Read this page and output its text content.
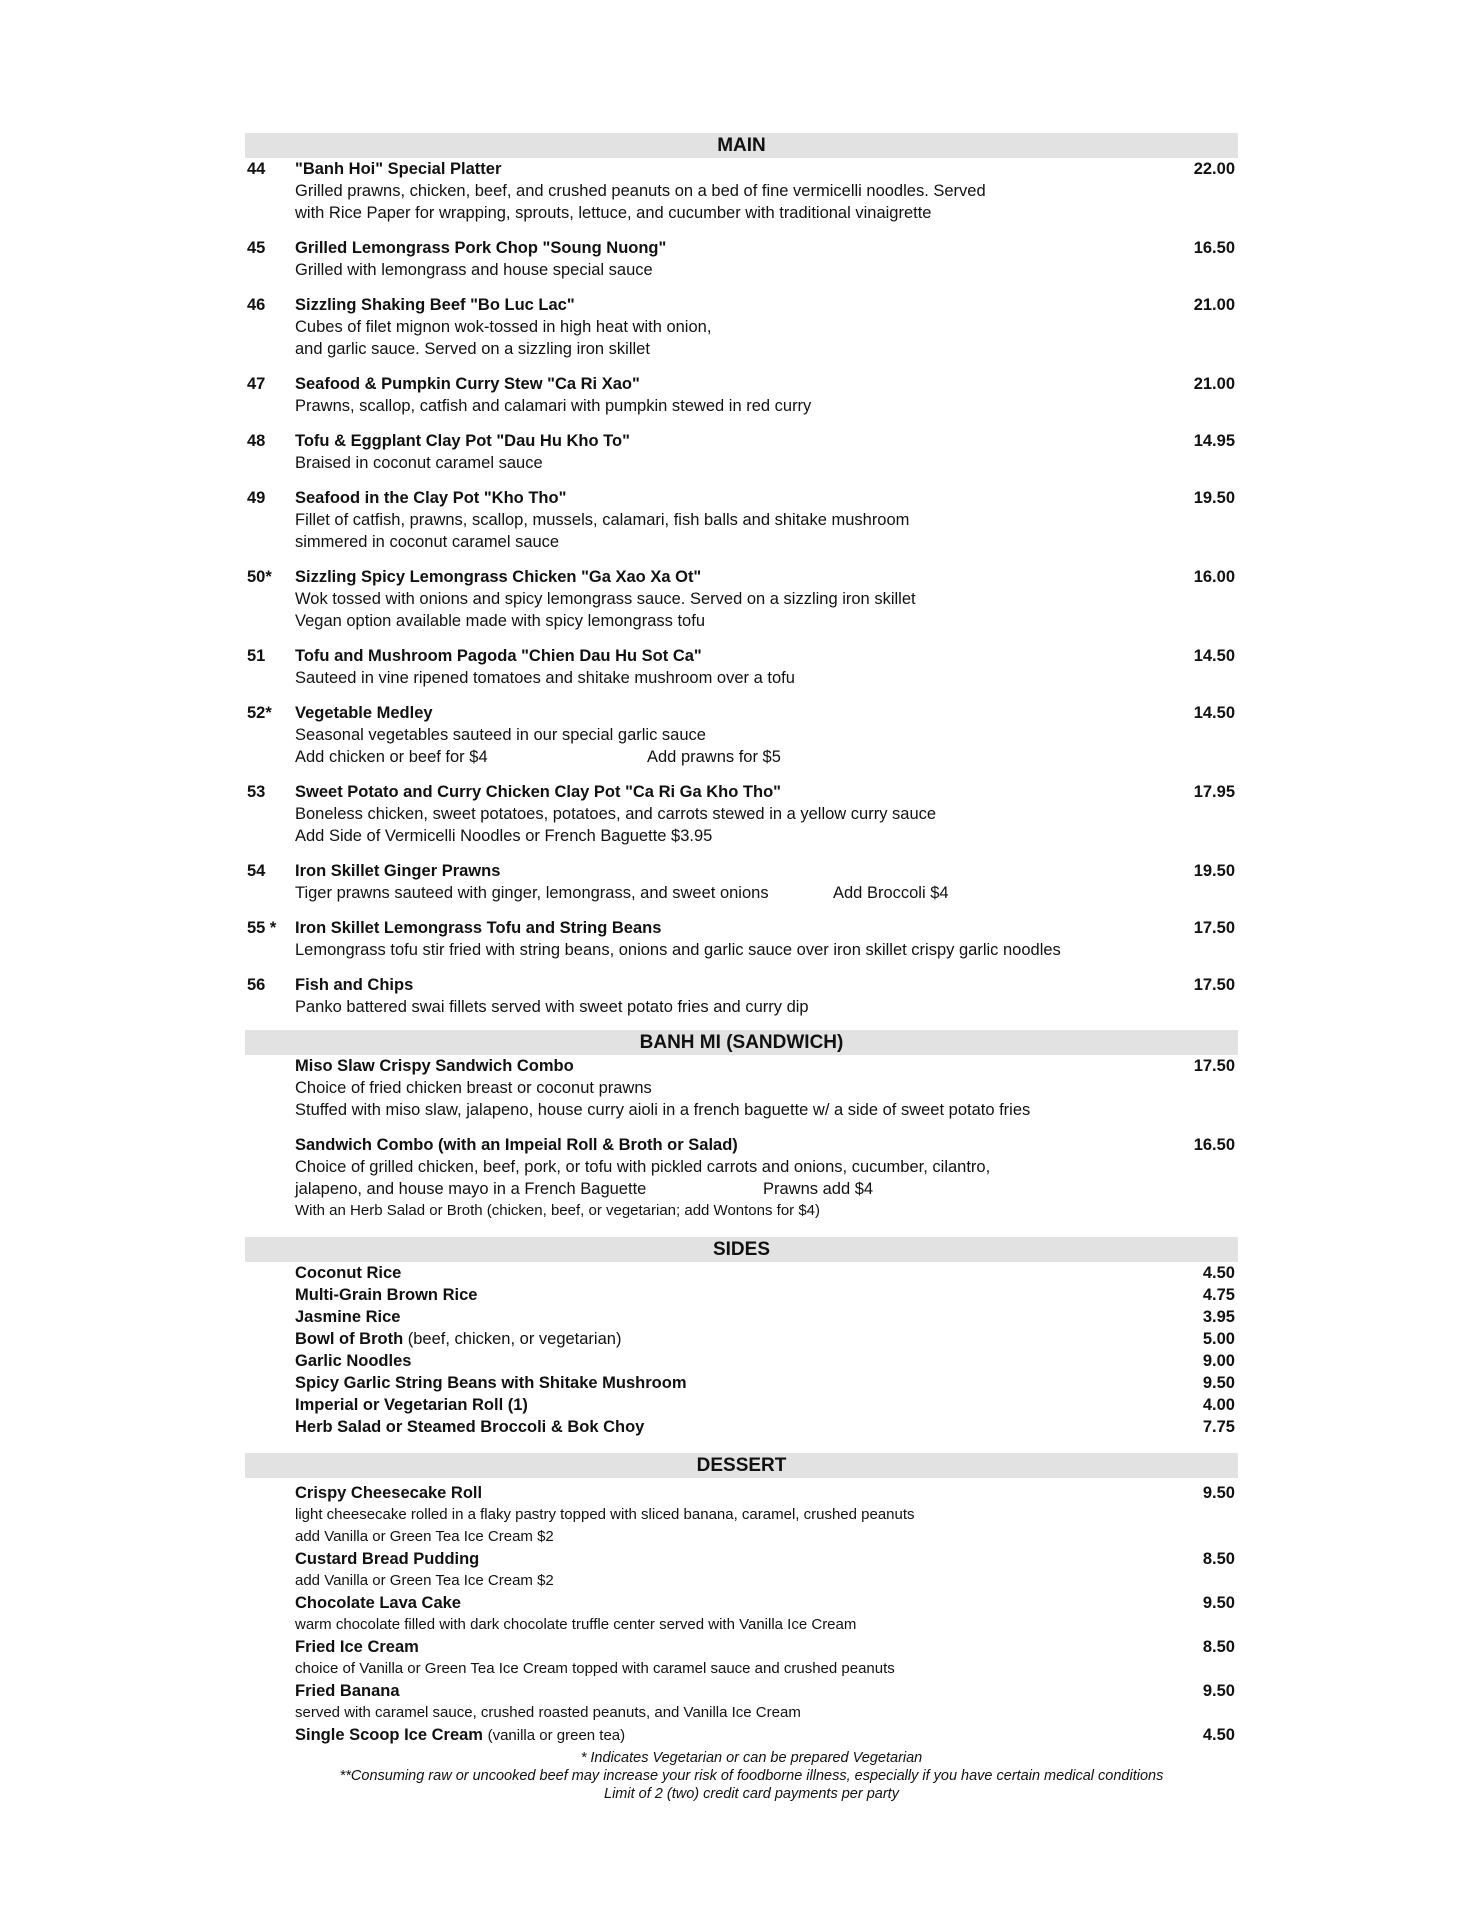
MAIN
44	"Banh Hoi" Special Platter	22.00
Grilled prawns, chicken, beef, and crushed peanuts on a bed of fine vermicelli noodles. Served
with Rice Paper for wrapping, sprouts, lettuce, and cucumber with traditional vinaigrette
45	Grilled Lemongrass Pork Chop "Soung Nuong"	16.50
Grilled with lemongrass and house special sauce
46	Sizzling Shaking Beef "Bo Luc Lac"	21.00
Cubes of filet mignon wok-tossed in high heat with onion,
and garlic sauce. Served on a sizzling iron skillet
47	Seafood & Pumpkin Curry Stew "Ca Ri Xao"	21.00
Prawns, scallop, catfish and calamari with pumpkin stewed in red curry
48	Tofu & Eggplant Clay Pot "Dau Hu Kho To"	14.95
Braised in coconut caramel sauce
49	Seafood in the Clay Pot "Kho Tho"	19.50
Fillet of catfish, prawns, scallop, mussels, calamari, fish balls and shitake mushroom
simmered in coconut caramel sauce
50*	Sizzling Spicy Lemongrass Chicken "Ga Xao Xa Ot"	16.00
Wok tossed with onions and spicy lemongrass sauce. Served on a sizzling iron skillet
Vegan option available made with spicy lemongrass tofu
51	Tofu and Mushroom Pagoda "Chien Dau Hu Sot Ca"	14.50
Sauteed in vine ripened tomatoes and shitake mushroom over a tofu
52*	Vegetable Medley	14.50
Seasonal vegetables sauteed in our special garlic sauce
Add chicken or beef for $4	Add prawns for $5
53	Sweet Potato and Curry Chicken Clay Pot "Ca Ri Ga Kho Tho"	17.95
Boneless chicken, sweet potatoes, potatoes, and carrots stewed in a yellow curry sauce
Add Side of Vermicelli Noodles or French Baguette $3.95
54	Iron Skillet Ginger Prawns	19.50
Tiger prawns sauteed with ginger, lemongrass, and sweet onions	Add Broccoli $4
55 *	Iron Skillet Lemongrass Tofu and String Beans	17.50
Lemongrass tofu stir fried with string beans, onions and garlic sauce over iron skillet crispy garlic noodles
56	Fish and Chips	17.50
Panko battered swai fillets served with sweet potato fries and curry dip
BANH MI (SANDWICH)
Miso Slaw Crispy Sandwich Combo	17.50
Choice of fried chicken breast or coconut prawns
Stuffed with miso slaw, jalapeno, house curry aioli in a french baguette w/ a side of sweet potato fries
Sandwich Combo (with an Impeial Roll & Broth or Salad)	16.50
Choice of grilled chicken, beef, pork, or tofu with pickled carrots and onions, cucumber, cilantro,
jalapeno, and house mayo in a French Baguette	Prawns add $4
With an Herb Salad or Broth (chicken, beef, or vegetarian; add Wontons for $4)
SIDES
Coconut Rice	4.50
Multi-Grain Brown Rice	4.75
Jasmine Rice	3.95
Bowl of Broth (beef, chicken, or vegetarian)	5.00
Garlic Noodles	9.00
Spicy Garlic String Beans with Shitake Mushroom	9.50
Imperial or Vegetarian Roll (1)	4.00
Herb Salad or Steamed Broccoli & Bok Choy	7.75
DESSERT
Crispy Cheesecake Roll	9.50
light cheesecake rolled in a flaky pastry topped with sliced banana, caramel, crushed peanuts
add Vanilla or Green Tea Ice Cream $2
Custard Bread Pudding	8.50
add Vanilla or Green Tea Ice Cream $2
Chocolate Lava Cake	9.50
warm chocolate filled with dark chocolate truffle center served with Vanilla Ice Cream
Fried Ice Cream	8.50
choice of Vanilla or Green Tea Ice Cream topped with caramel sauce and crushed peanuts
Fried Banana	9.50
served with caramel sauce, crushed roasted peanuts, and Vanilla Ice Cream
Single Scoop Ice Cream (vanilla or green tea)	4.50
* Indicates Vegetarian or can be prepared Vegetarian
**Consuming raw or uncooked beef may increase your risk of foodborne illness, especially if you have certain medical conditions
Limit of 2 (two) credit card payments per party
